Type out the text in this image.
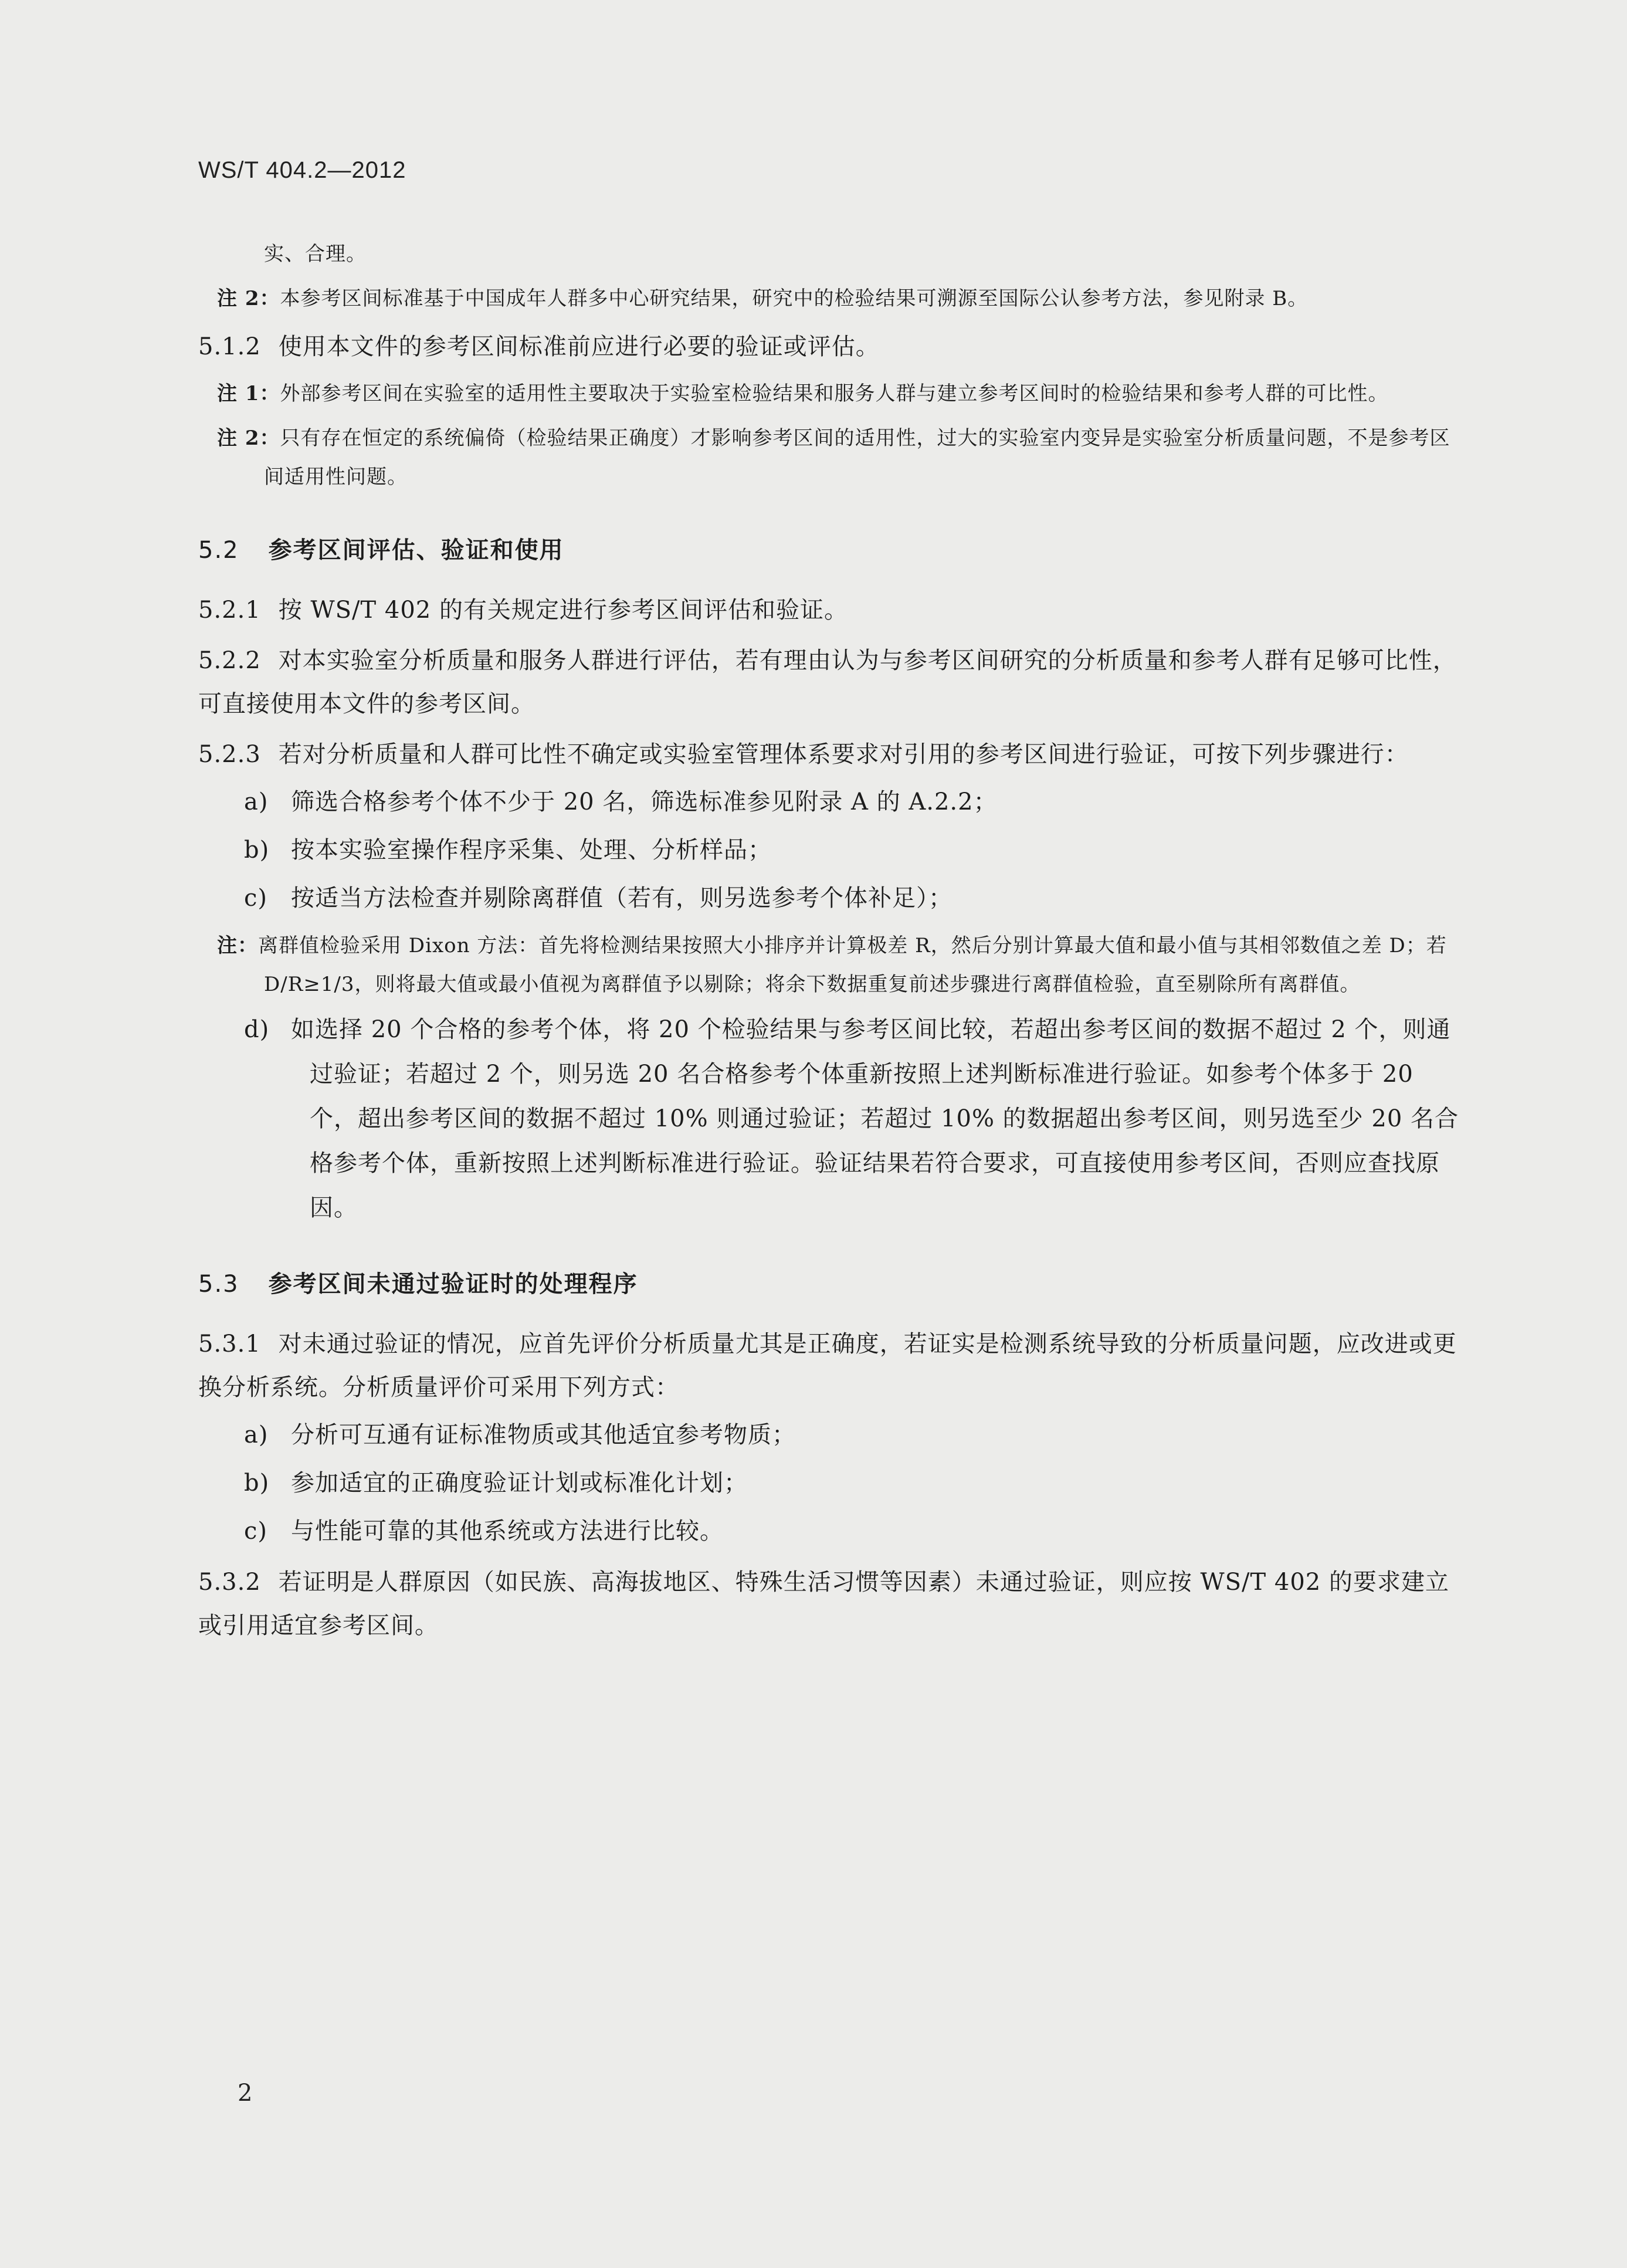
WS/T 404.2—2012
实、合理。
注 2：本参考区间标准基于中国成年人群多中心研究结果，研究中的检验结果可溯源至国际公认参考方法，参见附录 B。
5.1.2 使用本文件的参考区间标准前应进行必要的验证或评估。
注 1：外部参考区间在实验室的适用性主要取决于实验室检验结果和服务人群与建立参考区间时的检验结果和参考人群的可比性。
注 2：只有存在恒定的系统偏倚（检验结果正确度）才影响参考区间的适用性，过大的实验室内变异是实验室分析质量问题，不是参考区间适用性问题。
5.2 参考区间评估、验证和使用
5.2.1 按 WS/T 402 的有关规定进行参考区间评估和验证。
5.2.2 对本实验室分析质量和服务人群进行评估，若有理由认为与参考区间研究的分析质量和参考人群有足够可比性，可直接使用本文件的参考区间。
5.2.3 若对分析质量和人群可比性不确定或实验室管理体系要求对引用的参考区间进行验证，可按下列步骤进行：
a) 筛选合格参考个体不少于 20 名，筛选标准参见附录 A 的 A.2.2；
b) 按本实验室操作程序采集、处理、分析样品；
c) 按适当方法检查并剔除离群值（若有，则另选参考个体补足）；
注：离群值检验采用 Dixon 方法：首先将检测结果按照大小排序并计算极差 R，然后分别计算最大值和最小值与其相邻数值之差 D；若 D/R≥1/3，则将最大值或最小值视为离群值予以剔除；将余下数据重复前述步骤进行离群值检验，直至剔除所有离群值。
d) 如选择 20 个合格的参考个体，将 20 个检验结果与参考区间比较，若超出参考区间的数据不超过 2 个，则通过验证；若超过 2 个，则另选 20 名合格参考个体重新按照上述判断标准进行验证。如参考个体多于 20 个，超出参考区间的数据不超过 10% 则通过验证；若超过 10% 的数据超出参考区间，则另选至少 20 名合格参考个体，重新按照上述判断标准进行验证。验证结果若符合要求，可直接使用参考区间，否则应查找原因。
5.3 参考区间未通过验证时的处理程序
5.3.1 对未通过验证的情况，应首先评价分析质量尤其是正确度，若证实是检测系统导致的分析质量问题，应改进或更换分析系统。分析质量评价可采用下列方式：
a) 分析可互通有证标准物质或其他适宜参考物质；
b) 参加适宜的正确度验证计划或标准化计划；
c) 与性能可靠的其他系统或方法进行比较。
5.3.2 若证明是人群原因（如民族、高海拔地区、特殊生活习惯等因素）未通过验证，则应按 WS/T 402 的要求建立或引用适宜参考区间。
2
